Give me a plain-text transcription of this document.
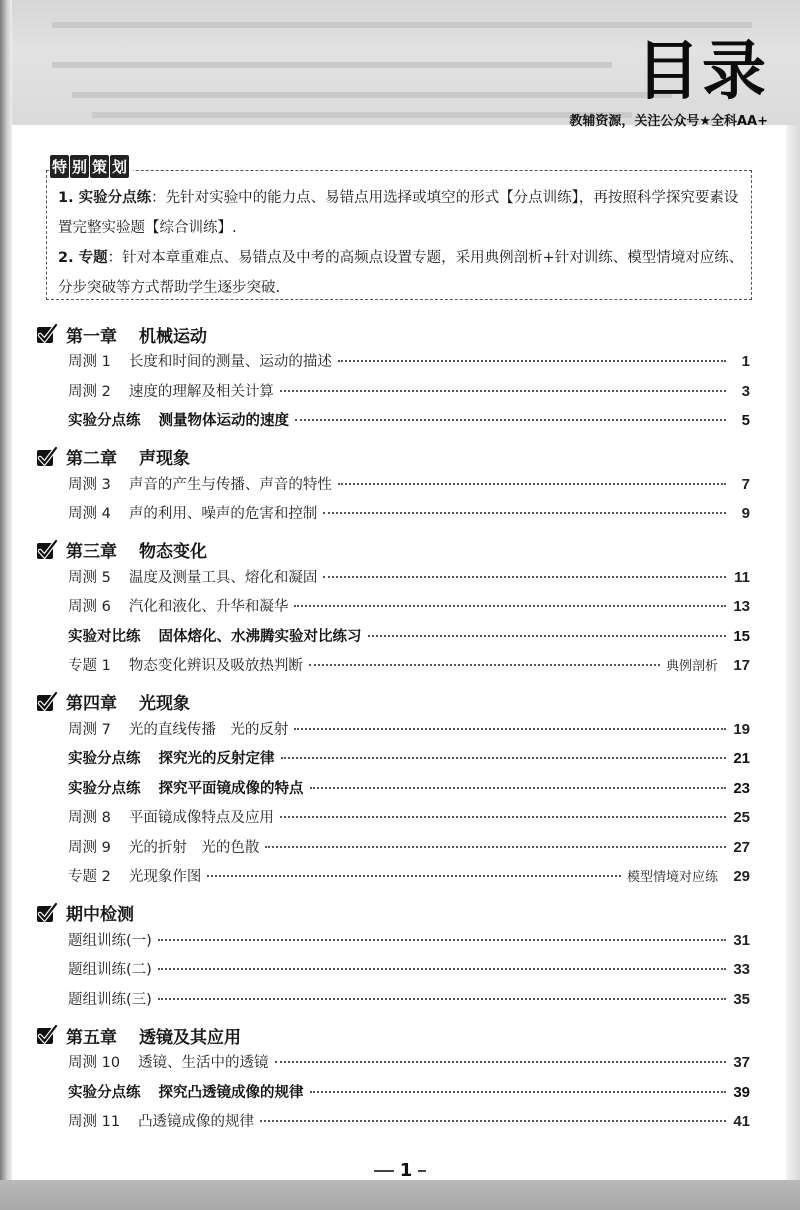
目录
教辅资源，关注公众号★全科AA+
特 别 策 划
1. 实验分点练：先针对实验中的能力点、易错点用选择或填空的形式【分点训练】，再按照科学探究要素设置完整实验题【综合训练】.
2. 专题：针对本章重难点、易错点及中考的高频点设置专题，采用典例剖析+针对训练、模型情境对应练、分步突破等方式帮助学生逐步突破.
第一章 机械运动
周测 1 长度和时间的测量、运动的描述	1
周测 2 速度的理解及相关计算	3
实验分点练 测量物体运动的速度	5
第二章 声现象
周测 3 声音的产生与传播、声音的特性	7
周测 4 声的利用、噪声的危害和控制	9
第三章 物态变化
周测 5 温度及测量工具、熔化和凝固	11
周测 6 汽化和液化、升华和凝华	13
实验对比练 固体熔化、水沸腾实验对比练习	15
专题 1 物态变化辨识及吸放热判断	典例剖析 17
第四章 光现象
周测 7 光的直线传播　光的反射	19
实验分点练 探究光的反射定律	21
实验分点练 探究平面镜成像的特点	23
周测 8 平面镜成像特点及应用	25
周测 9 光的折射　光的色散	27
专题 2 光现象作图	模型情境对应练 29
期中检测
题组训练(一)	31
题组训练(二)	33
题组训练(三)	35
第五章 透镜及其应用
周测 10 透镜、生活中的透镜	37
实验分点练 探究凸透镜成像的规律	39
周测 11 凸透镜成像的规律	41
1
